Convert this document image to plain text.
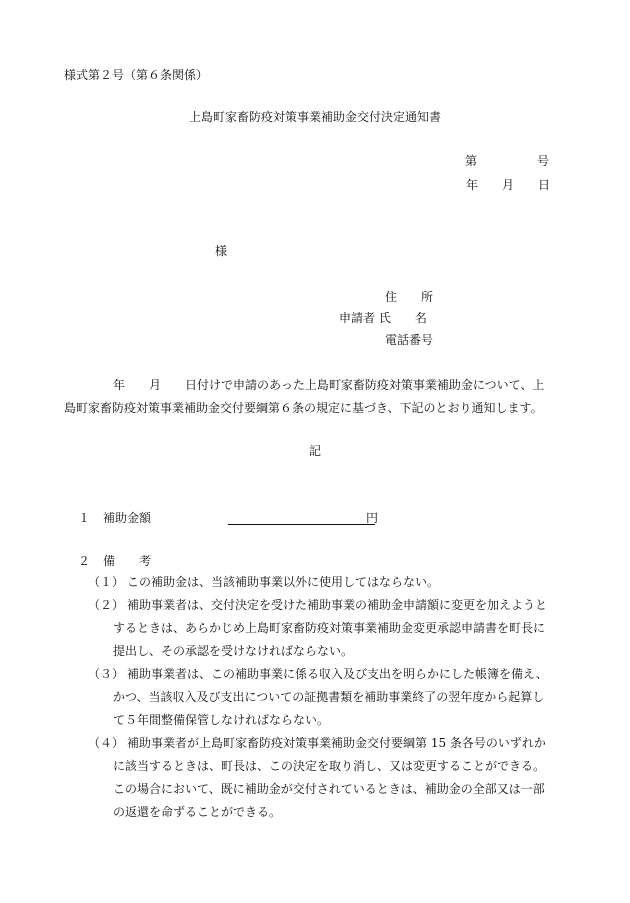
様式第２号（第６条関係）
上島町家畜防疫対策事業補助金交付決定通知書
第　　　　　号
年　　月　　日
様
住　　所
申請者 氏　　名
電話番号
年　　月　　日付けで申請のあった上島町家畜防疫対策事業補助金について、上
島町家畜防疫対策事業補助金交付要綱第６条の規定に基づき、下記のとおり通知します。
記
１ 補助金額	円
２ 備　　考
（１） この補助金は、当該補助事業以外に使用してはならない。
（２） 補助事業者は、交付決定を受けた補助事業の補助金申請額に変更を加えようと
するときは、あらかじめ上島町家畜防疫対策事業補助金変更承認申請書を町長に
提出し、その承認を受けなければならない。
（３） 補助事業者は、この補助事業に係る収入及び支出を明らかにした帳簿を備え、
かつ、当該収入及び支出についての証拠書類を補助事業終了の翌年度から起算し
て５年間整備保管しなければならない。
（４） 補助事業者が上島町家畜防疫対策事業補助金交付要綱第 15 条各号のいずれか
に該当するときは、町長は、この決定を取り消し、又は変更することができる。
この場合において、既に補助金が交付されているときは、補助金の全部又は一部
の返還を命ずることができる。
